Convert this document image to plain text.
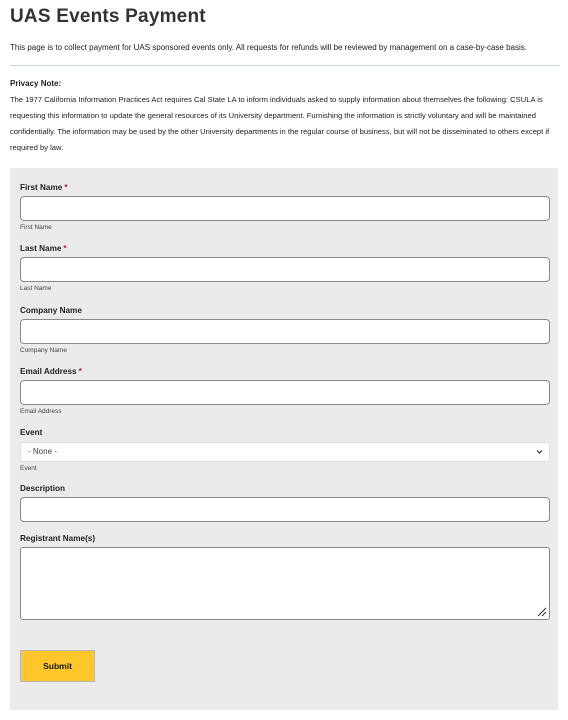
UAS Events Payment
This page is to collect payment for UAS sponsored events only. All requests for refunds will be reviewed by management on a case-by-case basis.
Privacy Note:
The 1977 California Information Practices Act requires Cal State LA to inform individuals asked to supply information about themselves the following: CSULA is requesting this information to update the general resources of its University department. Furnishing the information is strictly voluntary and will be maintained confidentially. The information may be used by the other University departments in the regular course of business, but will not be disseminated to others except if required by law.
First Name *
First Name
Last Name *
Last Name
Company Name
Company Name
Email Address *
Email Address
Event
- None -
Event
Description
Registrant Name(s)
Submit
